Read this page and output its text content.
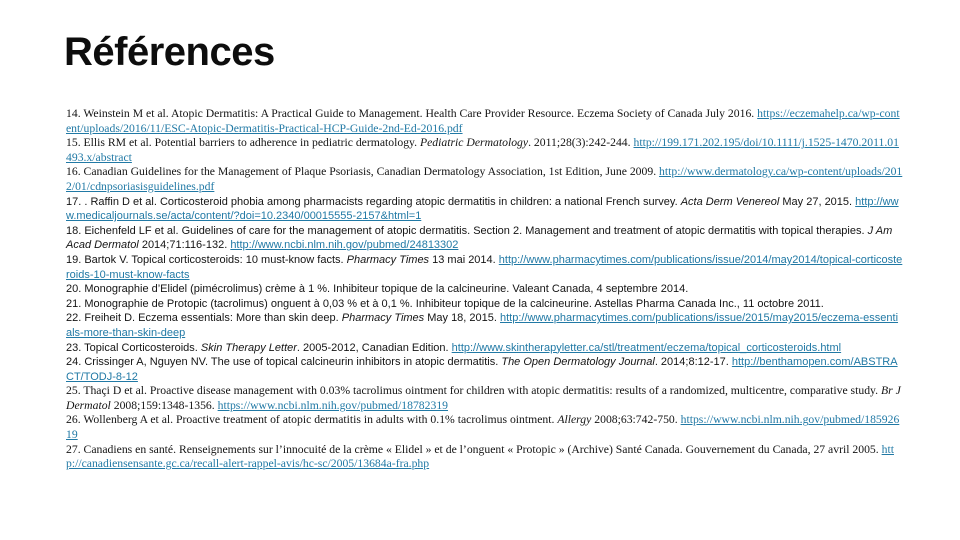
Références
14. Weinstein M et al. Atopic Dermatitis: A Practical Guide to Management. Health Care Provider Resource. Eczema Society of Canada July 2016. https://eczemahelp.ca/wp-content/uploads/2016/11/ESC-Atopic-Dermatitis-Practical-HCP-Guide-2nd-Ed-2016.pdf
15. Ellis RM et al. Potential barriers to adherence in pediatric dermatology. Pediatric Dermatology. 2011;28(3):242-244. http://199.171.202.195/doi/10.1111/j.1525-1470.2011.01493.x/abstract
16. Canadian Guidelines for the Management of Plaque Psoriasis, Canadian Dermatology Association, 1st Edition, June 2009. http://www.dermatology.ca/wp-content/uploads/2012/01/cdnpsoriasisguidelines.pdf
17. . Raffin D et al. Corticosteroid phobia among pharmacists regarding atopic dermatitis in children: a national French survey. Acta Derm Venereol May 27, 2015. http://www.medicaljournals.se/acta/content/?doi=10.2340/00015555-2157&html=1
18. Eichenfeld LF et al. Guidelines of care for the management of atopic dermatitis. Section 2. Management and treatment of atopic dermatitis with topical therapies. J Am Acad Dermatol 2014;71:116-132. http://www.ncbi.nlm.nih.gov/pubmed/24813302
19. Bartok V. Topical corticosteroids: 10 must-know facts. Pharmacy Times 13 mai 2014. http://www.pharmacytimes.com/publications/issue/2014/may2014/topical-corticosteroids-10-must-know-facts
20. Monographie d’Elidel (pimécrolimus) crème à 1 %. Inhibiteur topique de la calcineurine. Valeant Canada, 4 septembre 2014.
21. Monographie de Protopic (tacrolimus) onguent à 0,03 % et à 0,1 %. Inhibiteur topique de la calcineurine. Astellas Pharma Canada Inc., 11 octobre 2011.
22. Freiheit D. Eczema essentials: More than skin deep. Pharmacy Times May 18, 2015. http://www.pharmacytimes.com/publications/issue/2015/may2015/eczema-essentials-more-than-skin-deep
23. Topical Corticosteroids. Skin Therapy Letter. 2005-2012, Canadian Edition. http://www.skintherapyletter.ca/stl/treatment/eczema/topical_corticosteroids.html
24. Crissinger A, Nguyen NV. The use of topical calcineurin inhibitors in atopic dermatitis. The Open Dermatology Journal. 2014;8:12-17. http://benthamopen.com/ABSTRACT/TODJ-8-12
25. Thaçi D et al. Proactive disease management with 0.03% tacrolimus ointment for children with atopic dermatitis: results of a randomized, multicentre, comparative study. Br J Dermatol 2008;159:1348-1356. https://www.ncbi.nlm.nih.gov/pubmed/18782319
26. Wollenberg A et al. Proactive treatment of atopic dermatitis in adults with 0.1% tacrolimus ointment. Allergy 2008;63:742-750. https://www.ncbi.nlm.nih.gov/pubmed/18592619
27. Canadiens en santé. Renseignements sur l’innocuité de la crème « Elidel » et de l’onguent « Protopic » (Archive) Santé Canada. Gouvernement du Canada, 27 avril 2005. http://canadiensensante.gc.ca/recall-alert-rappel-avis/hc-sc/2005/13684a-fra.php
